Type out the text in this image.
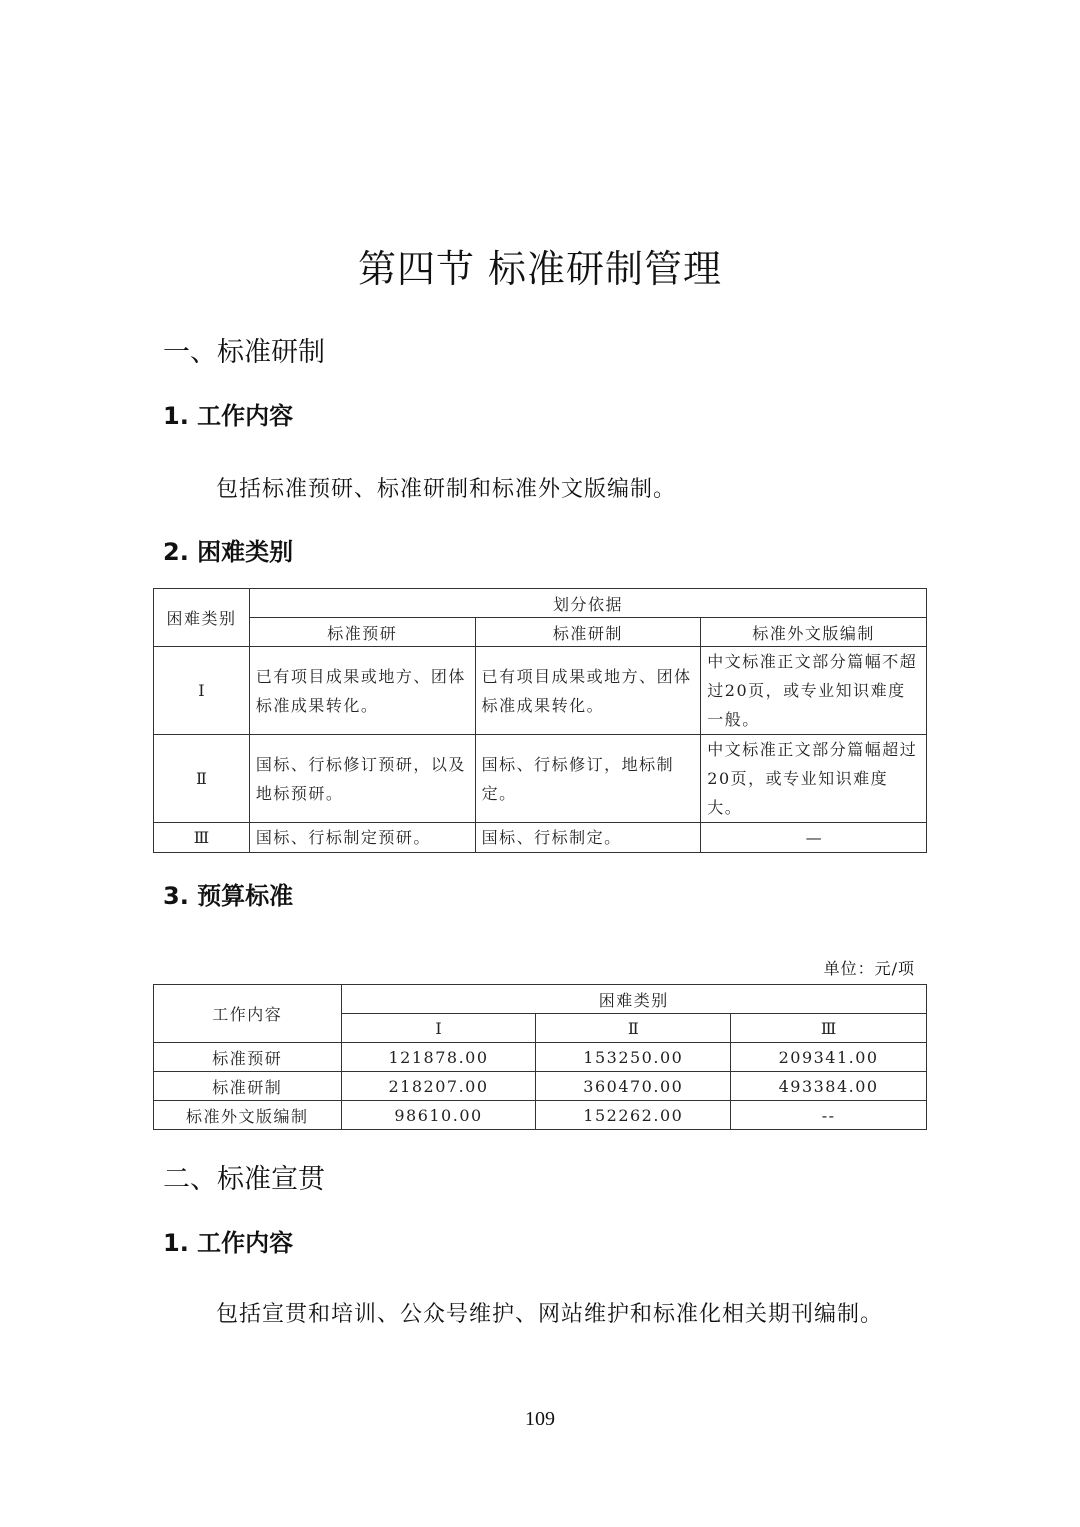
第四节 标准研制管理
一、标准研制
1. 工作内容
包括标准预研、标准研制和标准外文版编制。
2. 困难类别
困难类别	划分依据		
	标准预研	标准研制	标准外文版编制
Ⅰ	已有项目成果或地方、团体标准成果转化。	已有项目成果或地方、团体标准成果转化。	中文标准正文部分篇幅不超过20页，或专业知识难度一般。
Ⅱ	国标、行标修订预研，以及地标预研。	国标、行标修订，地标制定。	中文标准正文部分篇幅超过20页，或专业知识难度大。
Ⅲ	国标、行标制定预研。	国标、行标制定。	—
3. 预算标准
单位：元/项
工作内容	困难类别		
	Ⅰ	Ⅱ	Ⅲ
标准预研	121878.00	153250.00	209341.00
标准研制	218207.00	360470.00	493384.00
标准外文版编制	98610.00	152262.00	--
二、标准宣贯
1. 工作内容
包括宣贯和培训、公众号维护、网站维护和标准化相关期刊编制。
109
